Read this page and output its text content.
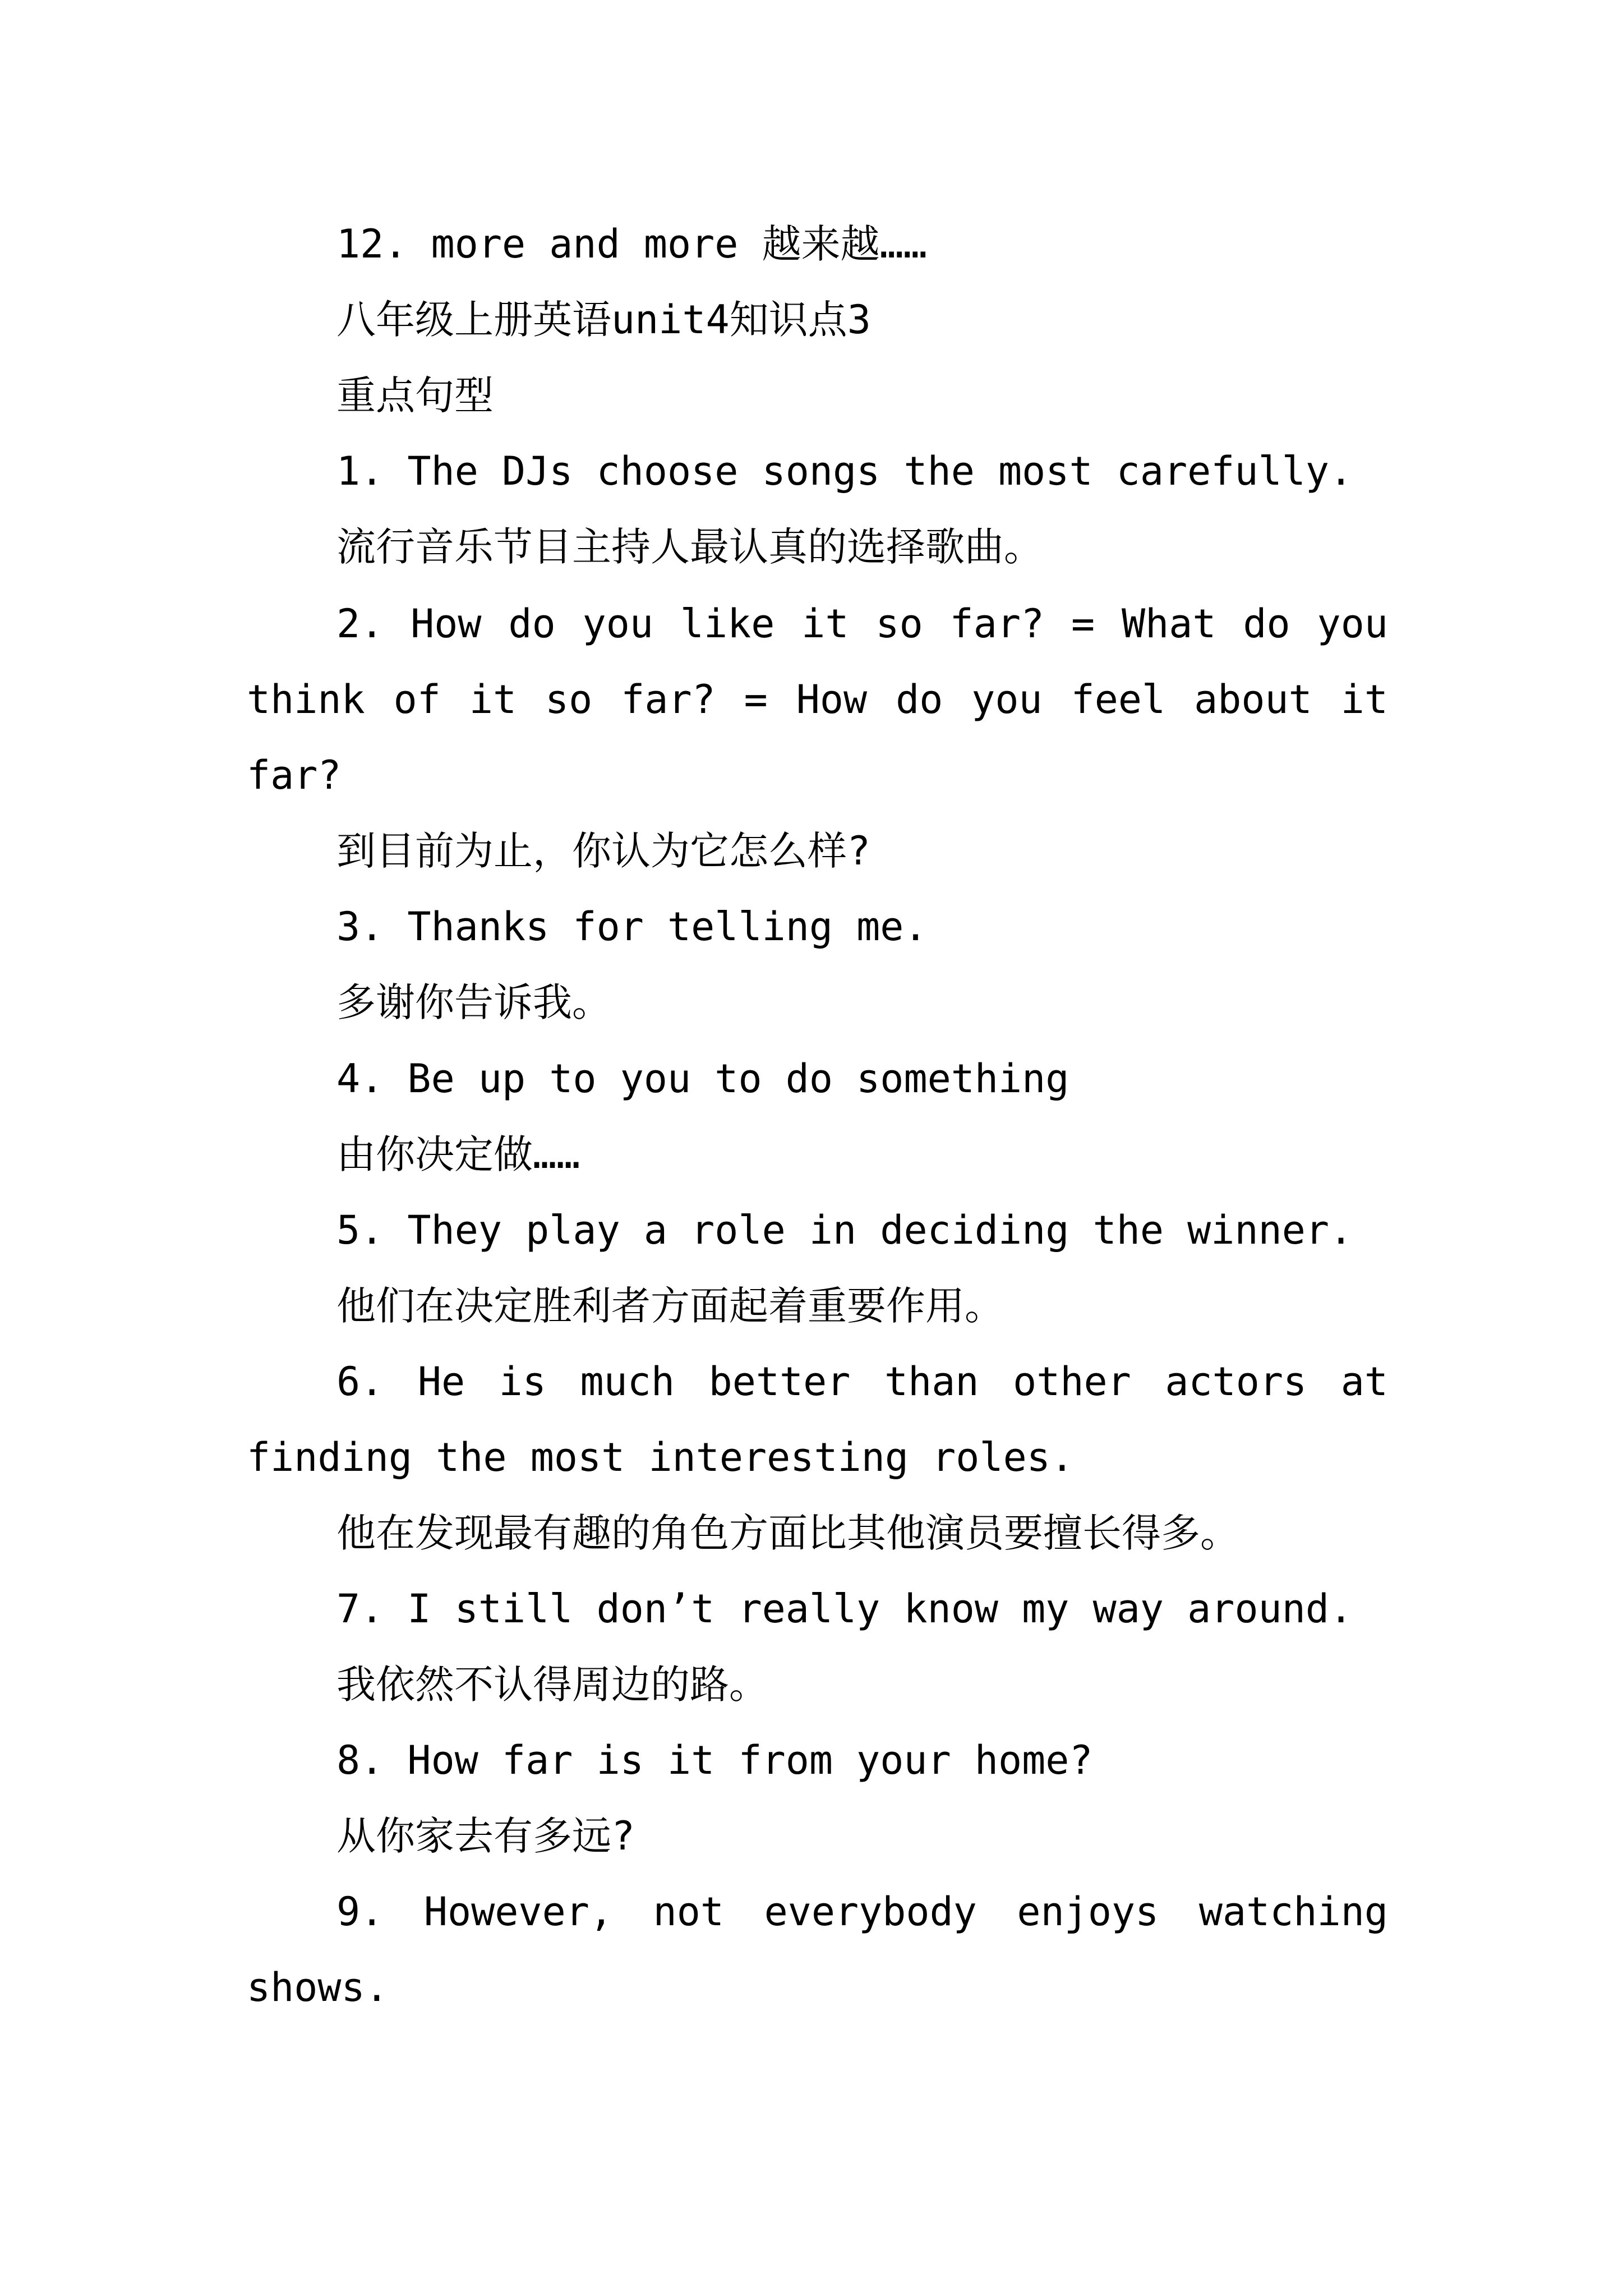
12. more and more 越来越……
八年级上册英语unit4知识点3
重点句型
1. The DJs choose songs the most carefully.
流行音乐节目主持人最认真的选择歌曲。
2. How do you like it so far? = What do you
think of it so far? = How do you feel about it
far?
到目前为止，你认为它怎么样?
3. Thanks for telling me.
多谢你告诉我。
4. Be up to you to do something
由你决定做……
5. They play a role in deciding the winner.
他们在决定胜利者方面起着重要作用。
6. He is much better than other actors at
finding the most interesting roles.
他在发现最有趣的角色方面比其他演员要擅长得多。
7. I still don’t really know my way around.
我依然不认得周边的路。
8. How far is it from your home?
从你家去有多远?
9. However, not everybody enjoys watching
shows.
